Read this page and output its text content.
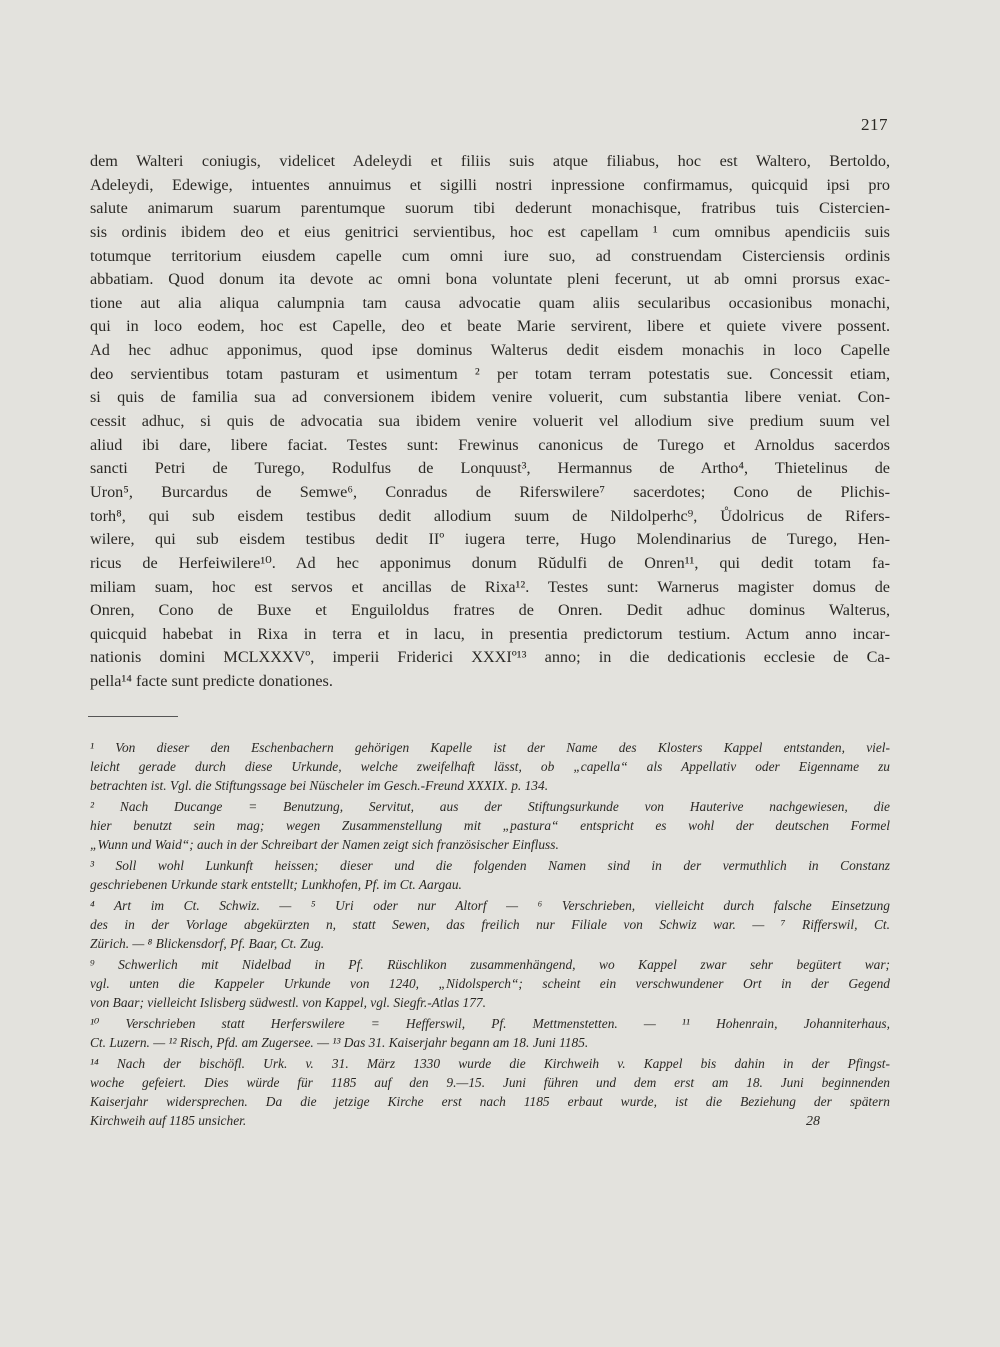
217
dem Walteri coniugis, videlicet Adeleydi et filiis suis atque filiabus, hoc est Waltero, Bertoldo,
Adeleydi, Edewige, intuentes annuimus et sigilli nostri inpressione confirmamus, quicquid ipsi pro
salute animarum suarum parentumque suorum tibi dederunt monachisque, fratribus tuis Cistercien-
sis ordinis ibidem deo et eius genitrici servientibus, hoc est capellam ¹ cum omnibus apendiciis suis
totumque territorium eiusdem capelle cum omni iure suo, ad construendam Cisterciensis ordinis
abbatiam. Quod donum ita devote ac omni bona voluntate pleni fecerunt, ut ab omni prorsus exac-
tione aut alia aliqua calumpnia tam causa advocatie quam aliis secularibus occasionibus monachi,
qui in loco eodem, hoc est Capelle, deo et beate Marie servirent, libere et quiete vivere possent.
Ad hec adhuc apponimus, quod ipse dominus Walterus dedit eisdem monachis in loco Capelle
deo servientibus totam pasturam et usimentum ² per totam terram potestatis sue. Concessit etiam,
si quis de familia sua ad conversionem ibidem venire voluerit, cum substantia libere veniat. Con-
cessit adhuc, si quis de advocatia sua ibidem venire voluerit vel allodium sive predium suum vel
aliud ibi dare, libere faciat. Testes sunt: Frewinus canonicus de Turego et Arnoldus sacerdos
sancti Petri de Turego, Rodulfus de Lonquust³, Hermannus de Artho⁴, Thietelinus de
Uron⁵, Burcardus de Semwe⁶, Conradus de Riferswilere⁷ sacerdotes; Cono de Plichis-
torh⁸, qui sub eisdem testibus dedit allodium suum de Nildolperhc⁹, Ůdolricus de Rifers-
wilere, qui sub eisdem testibus dedit IIº iugera terre, Hugo Molendinarius de Turego, Hen-
ricus de Herfeiwilere¹⁰. Ad hec apponimus donum Rŭdulfi de Onren¹¹, qui dedit totam fa-
miliam suam, hoc est servos et ancillas de Rixa¹². Testes sunt: Warnerus magister domus de
Onren, Cono de Buxe et Enguiloldus fratres de Onren. Dedit adhuc dominus Walterus,
quicquid habebat in Rixa in terra et in lacu, in presentia predictorum testium. Actum anno incar-
nationis domini MCLXXXVº, imperii Friderici XXXIº¹³ anno; in die dedicationis ecclesie de Ca-
pella¹⁴ facte sunt predicte donationes.
¹ Von dieser den Eschenbachern gehörigen Kapelle ist der Name des Klosters Kappel entstanden, viel-
leicht gerade durch diese Urkunde, welche zweifelhaft lässt, ob „capella“ als Appellativ oder Eigenname zu
betrachten ist. Vgl. die Stiftungssage bei Nüscheler im Gesch.-Freund XXXIX. p. 134.
² Nach Ducange = Benutzung, Servitut, aus der Stiftungsurkunde von Hauterive nachgewiesen, die
hier benutzt sein mag; wegen Zusammenstellung mit „pastura“ entspricht es wohl der deutschen Formel
„Wunn und Waid“; auch in der Schreibart der Namen zeigt sich französischer Einfluss.
³ Soll wohl Lunkunft heissen; dieser und die folgenden Namen sind in der vermuthlich in Constanz
geschriebenen Urkunde stark entstellt; Lunkhofen, Pf. im Ct. Aargau.
⁴ Art im Ct. Schwiz. — ⁵ Uri oder nur Altorf — ⁶ Verschrieben, vielleicht durch falsche Einsetzung
des in der Vorlage abgekürzten n, statt Sewen, das freilich nur Filiale von Schwiz war. — ⁷ Rifferswil, Ct.
Zürich. — ⁸ Blickensdorf, Pf. Baar, Ct. Zug.
⁹ Schwerlich mit Nidelbad in Pf. Rüschlikon zusammenhängend, wo Kappel zwar sehr begütert war;
vgl. unten die Kappeler Urkunde von 1240, „Nidolsperch“; scheint ein verschwundener Ort in der Gegend
von Baar; vielleicht Islisberg südwestl. von Kappel, vgl. Siegfr.-Atlas 177.
¹⁰ Verschrieben statt Herferswilere = Hefferswil, Pf. Mettmenstetten. — ¹¹ Hohenrain, Johanniterhaus,
Ct. Luzern. — ¹² Risch, Pfd. am Zugersee. — ¹³ Das 31. Kaiserjahr begann am 18. Juni 1185.
¹⁴ Nach der bischöfl. Urk. v. 31. März 1330 wurde die Kirchweih v. Kappel bis dahin in der Pfingst-
woche gefeiert. Dies würde für 1185 auf den 9.—15. Juni führen und dem erst am 18. Juni beginnenden
Kaiserjahr widersprechen. Da die jetzige Kirche erst nach 1185 erbaut wurde, ist die Beziehung der spätern
Kirchweih auf 1185 unsicher.	28
